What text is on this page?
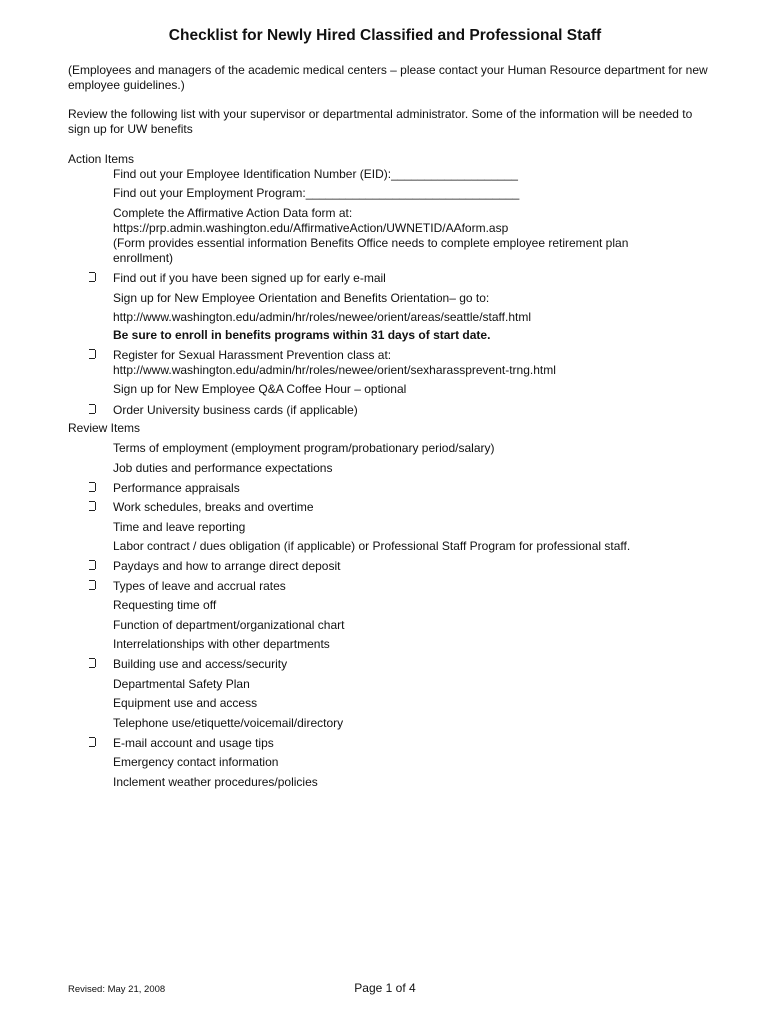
Checklist for Newly Hired Classified and Professional Staff
(Employees and managers of the academic medical centers – please contact your Human Resource department for new employee guidelines.)
Review the following list with your supervisor or departmental administrator. Some of the information will be needed to sign up for UW benefits
Action Items
Find out your Employee Identification Number (EID):___________________
Find out your Employment Program:________________________________
Complete the Affirmative Action Data form at:
https://prp.admin.washington.edu/AffirmativeAction/UWNETID/AAform.asp
(Form provides essential information Benefits Office needs to complete employee retirement plan
enrollment)
Find out if you have been signed up for early e-mail
Sign up for New Employee Orientation and Benefits Orientation– go to:
http://www.washington.edu/admin/hr/roles/newee/orient/areas/seattle/staff.html
Be sure to enroll in benefits programs within 31 days of start date.
Register for Sexual Harassment Prevention class at:
http://www.washington.edu/admin/hr/roles/newee/orient/sexharassprevent-trng.html
Sign up for New Employee Q&A Coffee Hour – optional
Order University business cards (if applicable)
Review Items
Terms of employment (employment program/probationary period/salary)
Job duties and performance expectations
Performance appraisals
Work schedules, breaks and overtime
Time and leave reporting
Labor contract / dues obligation (if applicable) or Professional Staff Program for professional staff.
Paydays and how to arrange direct deposit
Types of leave and accrual rates
Requesting time off
Function of department/organizational chart
Interrelationships with other departments
Building use and access/security
Departmental Safety Plan
Equipment use and access
Telephone use/etiquette/voicemail/directory
E-mail account and usage tips
Emergency contact information
Inclement weather procedures/policies
Revised: May 21, 2008	Page 1 of 4
